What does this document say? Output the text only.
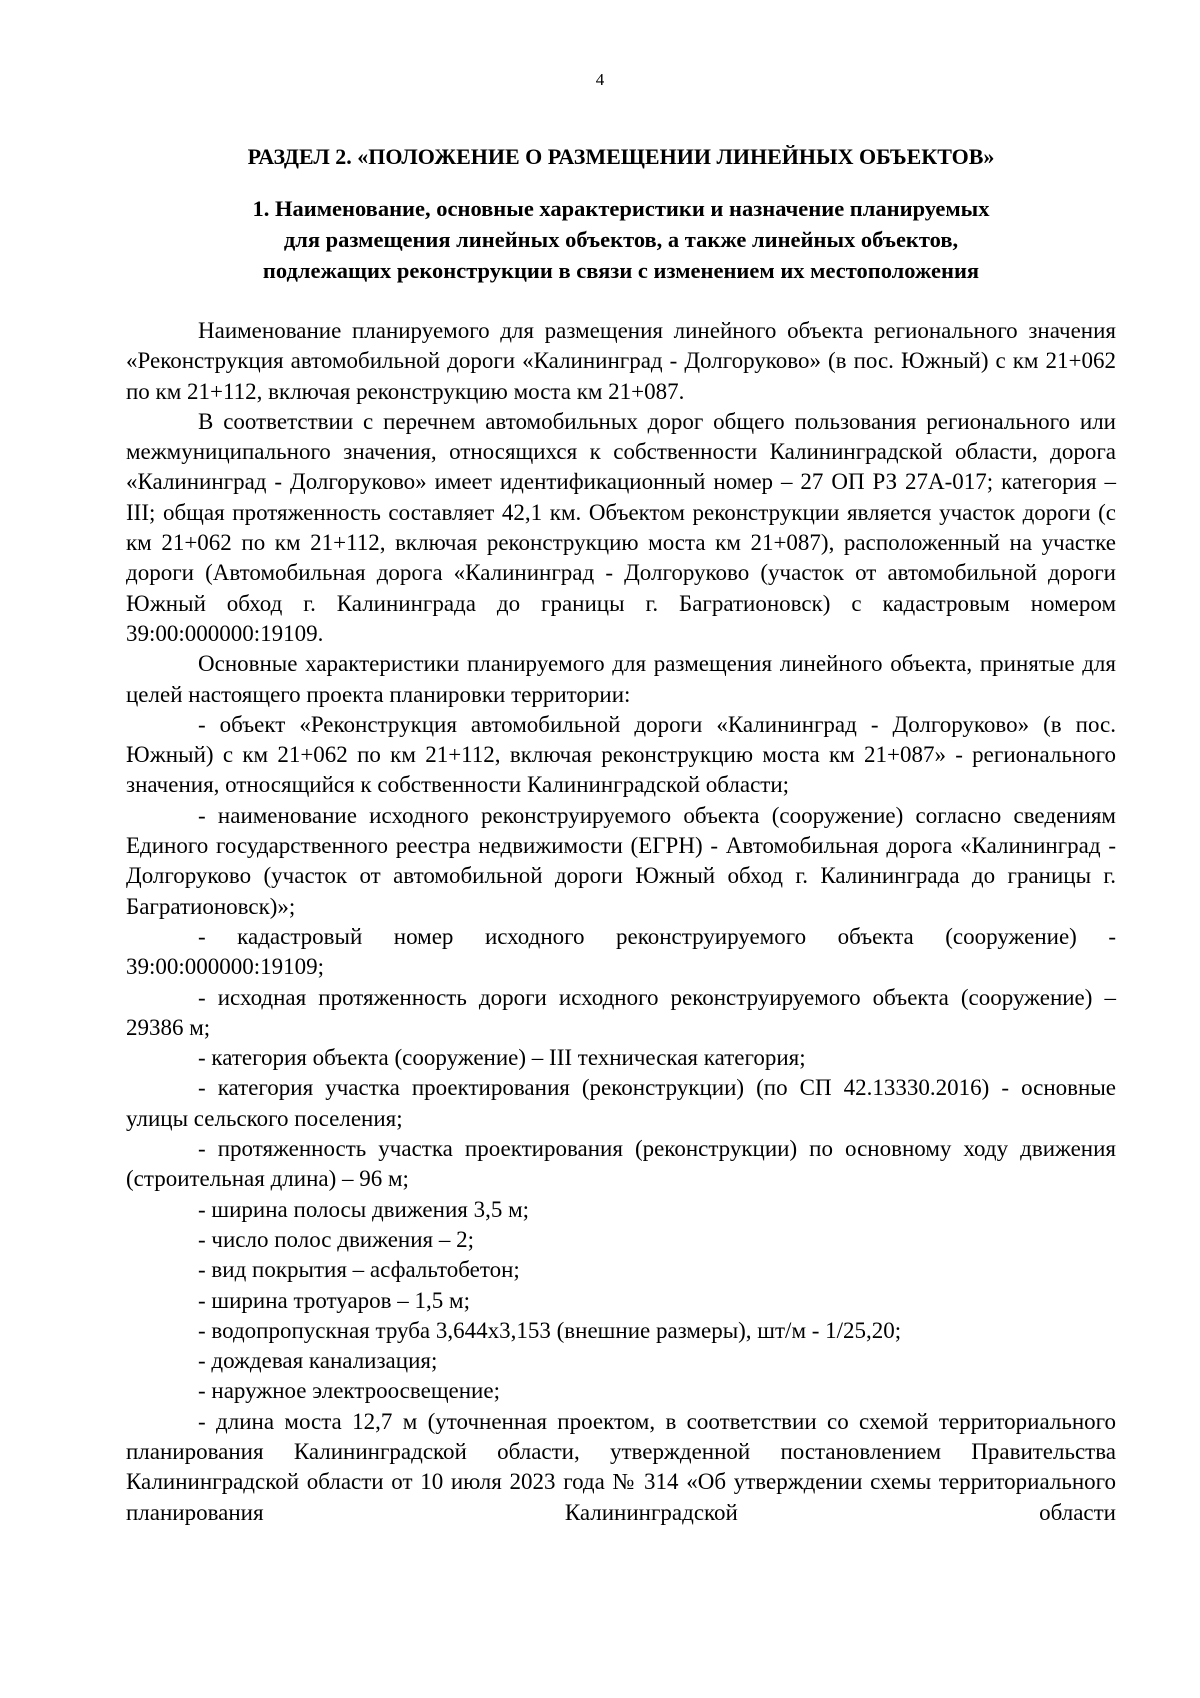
4
РАЗДЕЛ 2. «ПОЛОЖЕНИЕ О РАЗМЕЩЕНИИ ЛИНЕЙНЫХ ОБЪЕКТОВ»
1. Наименование, основные характеристики и назначение планируемых
для размещения линейных объектов, а также линейных объектов,
подлежащих реконструкции в связи с изменением их местоположения

Наименование планируемого для размещения линейного объекта регионального значения «Реконструкция автомобильной дороги «Калининград - Долгоруково» (в пос. Южный) с км 21+062 по км 21+112, включая реконструкцию моста км 21+087.

В соответствии с перечнем автомобильных дорог общего пользования регионального или межмуниципального значения, относящихся к собственности Калининградской области, дорога «Калининград - Долгоруково» имеет идентификационный номер – 27 ОП РЗ 27А-017; категория – III; общая протяженность составляет 42,1 км. Объектом реконструкции является участок дороги (с км 21+062 по км 21+112, включая реконструкцию моста км 21+087), расположенный на участке дороги (Автомобильная дорога «Калининград - Долгоруково (участок от автомобильной дороги Южный обход г. Калининграда до границы г. Багратионовск) с кадастровым номером 39:00:000000:19109.

Основные характеристики планируемого для размещения линейного объекта, принятые для целей настоящего проекта планировки территории:

- объект «Реконструкция автомобильной дороги «Калининград - Долгоруково» (в пос. Южный) с км 21+062 по км 21+112, включая реконструкцию моста км 21+087» - регионального значения, относящийся к собственности Калининградской области;

- наименование исходного реконструируемого объекта (сооружение) согласно сведениям Единого государственного реестра недвижимости (ЕГРН) - Автомобильная дорога «Калининград - Долгоруково (участок от автомобильной дороги Южный обход г. Калининграда до границы г. Багратионовск)»;

- кадастровый номер исходного реконструируемого объекта (сооружение) - 39:00:000000:19109;

- исходная протяженность дороги исходного реконструируемого объекта (сооружение) – 29386 м;

- категория объекта (сооружение) – III техническая категория;

- категория участка проектирования (реконструкции) (по СП 42.13330.2016) - основные улицы сельского поселения;

- протяженность участка проектирования (реконструкции) по основному ходу движения (строительная длина) – 96 м;

- ширина полосы движения 3,5 м;

- число полос движения – 2;

- вид покрытия – асфальтобетон;

- ширина тротуаров – 1,5 м;

- водопропускная труба 3,644х3,153 (внешние размеры), шт/м - 1/25,20;

- дождевая канализация;

- наружное электроосвещение;

- длина моста 12,7 м (уточненная проектом, в соответствии со схемой территориального планирования Калининградской области, утвержденной постановлением Правительства Калининградской области от 10 июля 2023 года № 314 «Об утверждении схемы территориального планирования Калининградской области
